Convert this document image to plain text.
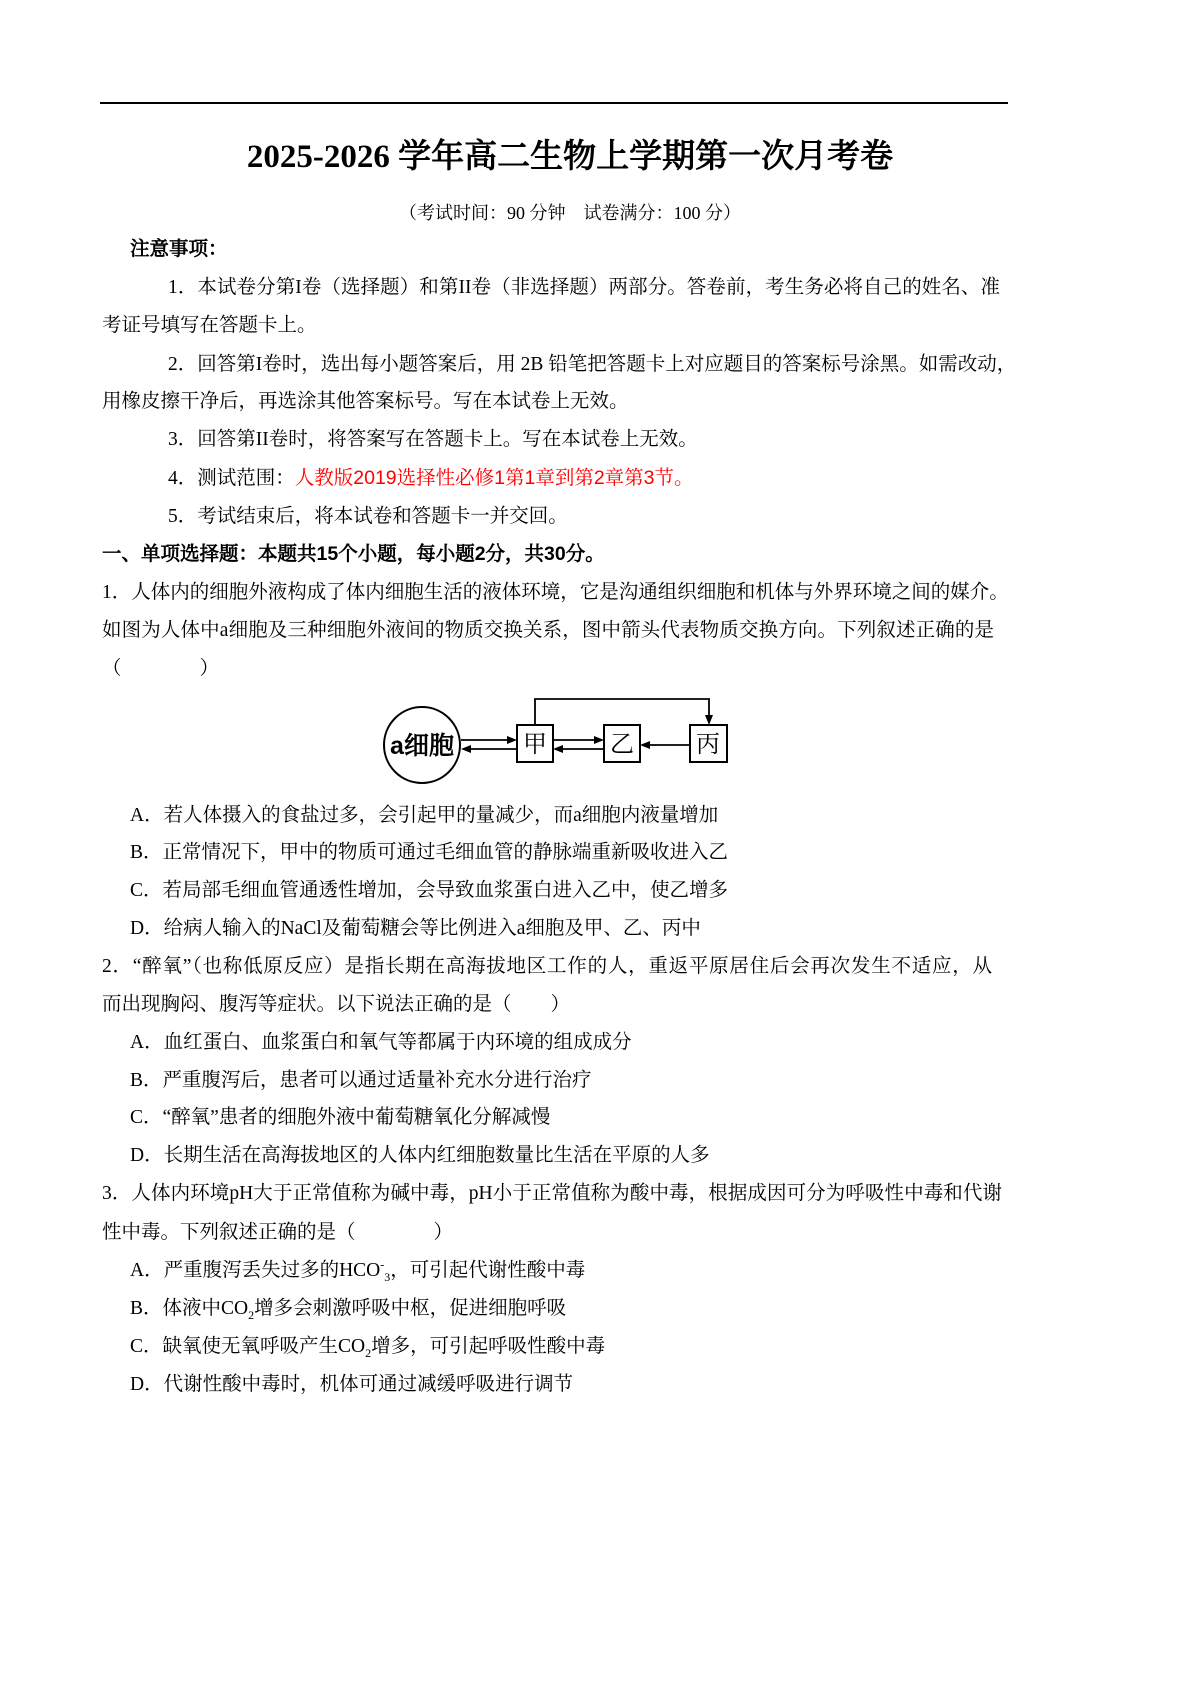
2025-2026 学年高二生物上学期第一次月考卷
（考试时间：90 分钟　试卷满分：100 分）
注意事项：
1．本试卷分第I卷（选择题）和第II卷（非选择题）两部分。答卷前，考生务必将自己的姓名、准
考证号填写在答题卡上。
2．回答第I卷时，选出每小题答案后，用 2B 铅笔把答题卡上对应题目的答案标号涂黑。如需改动，
用橡皮擦干净后，再选涂其他答案标号。写在本试卷上无效。
3．回答第II卷时，将答案写在答题卡上。写在本试卷上无效。
4．测试范围：人教版2019选择性必修1第1章到第2章第3节。
5．考试结束后，将本试卷和答题卡一并交回。
一、单项选择题：本题共15个小题，每小题2分，共30分。
1．人体内的细胞外液构成了体内细胞生活的液体环境，它是沟通组织细胞和机体与外界环境之间的媒介。
如图为人体中a细胞及三种细胞外液间的物质交换关系，图中箭头代表物质交换方向。下列叙述正确的是
（　　　　）
a细胞	甲	乙	丙
A．若人体摄入的食盐过多，会引起甲的量减少，而a细胞内液量增加
B．正常情况下，甲中的物质可通过毛细血管的静脉端重新吸收进入乙
C．若局部毛细血管通透性增加，会导致血浆蛋白进入乙中，使乙增多
D．给病人输入的NaCl及葡萄糖会等比例进入a细胞及甲、乙、丙中
2．“醉氧”（也称低原反应）是指长期在高海拔地区工作的人，重返平原居住后会再次发生不适应，从
而出现胸闷、腹泻等症状。以下说法正确的是（　　）
A．血红蛋白、血浆蛋白和氧气等都属于内环境的组成成分
B．严重腹泻后，患者可以通过适量补充水分进行治疗
C．“醉氧”患者的细胞外液中葡萄糖氧化分解减慢
D．长期生活在高海拔地区的人体内红细胞数量比生活在平原的人多
3．人体内环境pH大于正常值称为碱中毒，pH小于正常值称为酸中毒，根据成因可分为呼吸性中毒和代谢
性中毒。下列叙述正确的是（　　　　）
A．严重腹泻丢失过多的$HCO^-_3$，可引起代谢性酸中毒
B．体液中$CO_2$增多会刺激呼吸中枢，促进细胞呼吸
C．缺氧使无氧呼吸产生$CO_2$增多，可引起呼吸性酸中毒
D．代谢性酸中毒时，机体可通过减缓呼吸进行调节
